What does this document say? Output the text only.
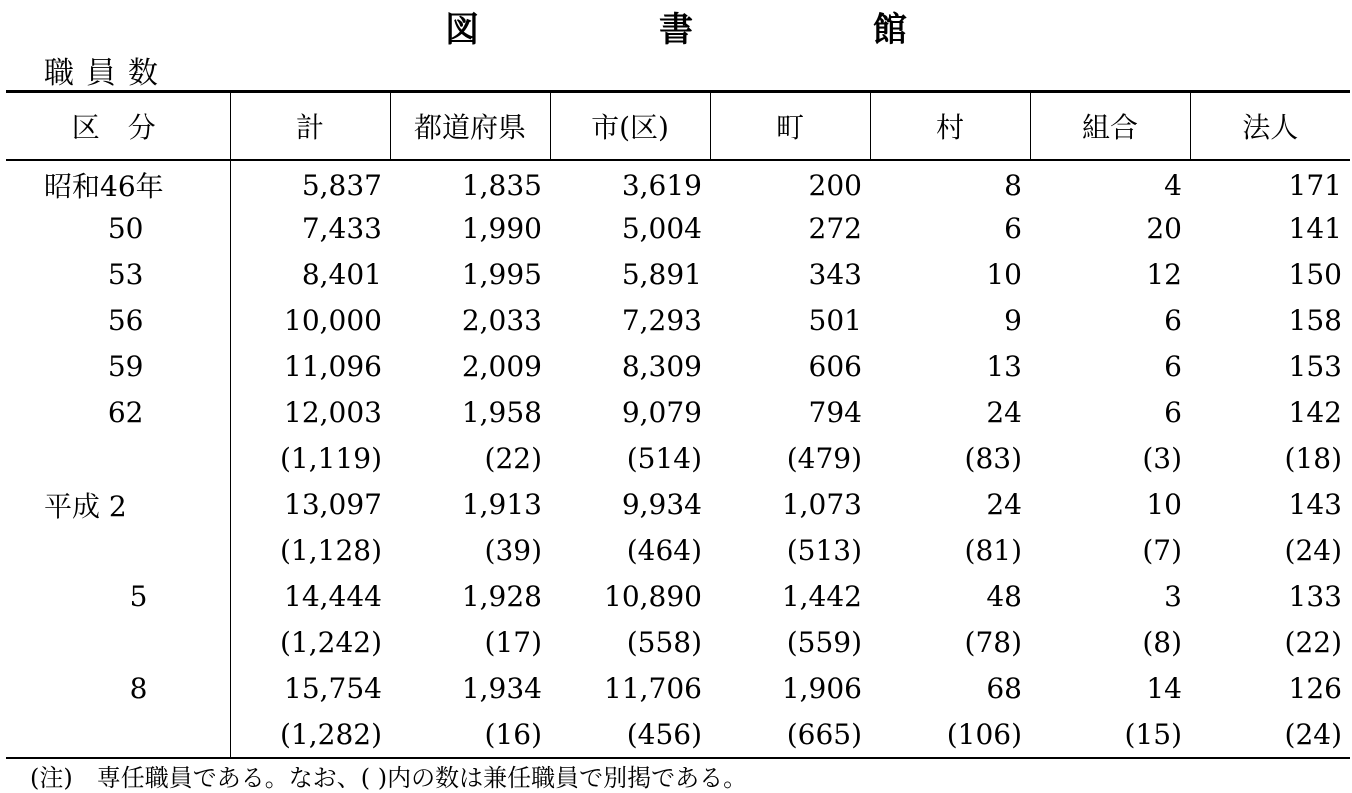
図 書 館
職員数
区分	計	都道府県	市(区)	町	村	組合	法人
昭和46年	5,837	1,835	3,619	200	8	4	171
50	7,433	1,990	5,004	272	6	20	141
53	8,401	1,995	5,891	343	10	12	150
56	10,000	2,033	7,293	501	9	6	158
59	11,096	2,009	8,309	606	13	6	153
62	12,003	1,958	9,079	794	24	6	142
	(1,119)	(22)	(514)	(479)	(83)	(3)	(18)
平成 2	13,097	1,913	9,934	1,073	24	10	143
	(1,128)	(39)	(464)	(513)	(81)	(7)	(24)
5	14,444	1,928	10,890	1,442	48	3	133
	(1,242)	(17)	(558)	(559)	(78)	(8)	(22)
8	15,754	1,934	11,706	1,906	68	14	126
	(1,282)	(16)	(456)	(665)	(106)	(15)	(24)
(注)　専任職員である。なお、( )内の数は兼任職員で別掲である。
